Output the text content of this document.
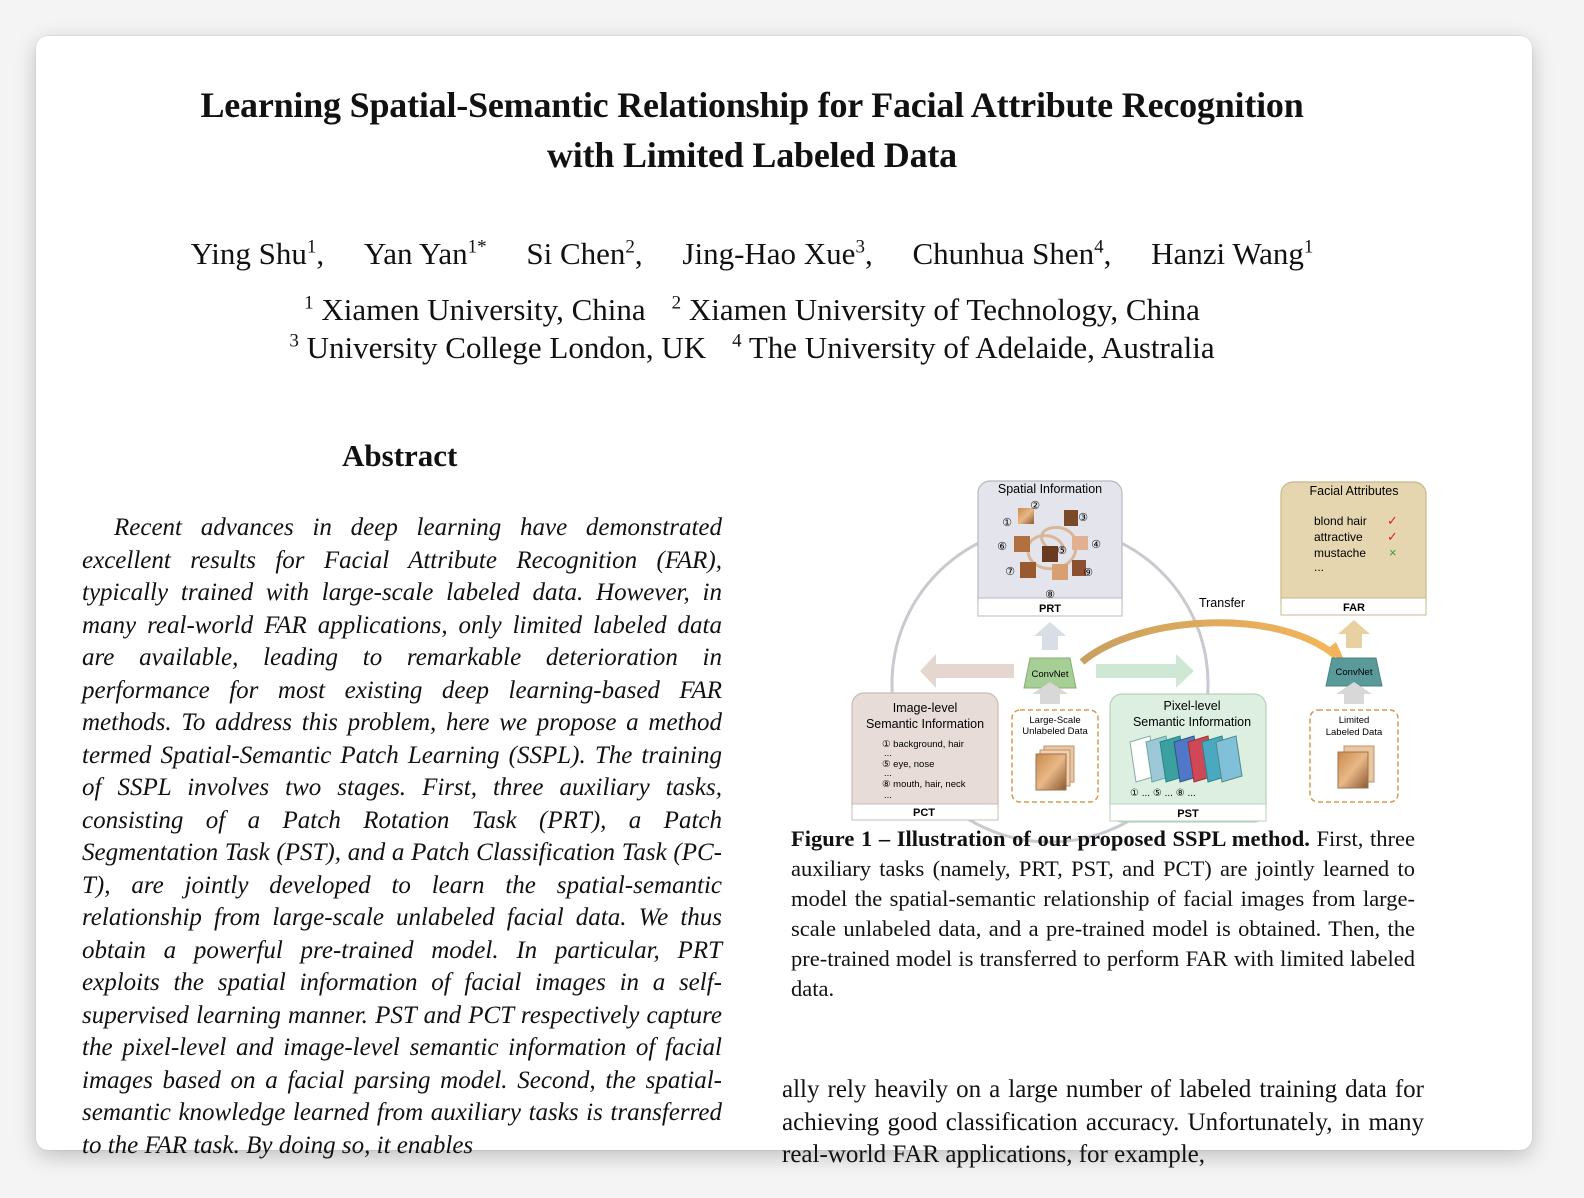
Learning Spatial-Semantic Relationship for Facial Attribute Recognition
with Limited Labeled Data
Ying Shu$^1$, Yan Yan$^{1*}$ Si Chen$^2$, Jing-Hao Xue$^3$, Chunhua Shen$^4$, Hanzi Wang$^1$
$^1$ Xiamen University, China $^2$ Xiamen University of Technology, China
$^3$ University College London, UK $^4$ The University of Adelaide, Australia
Abstract
Recent advances in deep learning have demonstrated excellent results for Facial Attribute Recognition (FAR), typically trained with large-scale labeled data. However, in many real-world FAR applications, only limited labeled data are available, leading to remarkable deterioration in performance for most existing deep learning-based FAR methods. To address this problem, here we propose a method termed Spatial-Semantic Patch Learning (SSPL). The training of SSPL involves two stages. First, three auxiliary tasks, consisting of a Patch Rotation Task (PRT), a Patch Segmentation Task (PST), and a Patch Classification Task (PC-T), are jointly developed to learn the spatial-semantic relationship from large-scale unlabeled facial data. We thus obtain a powerful pre-trained model. In particular, PRT exploits the spatial information of facial images in a self-supervised learning manner. PST and PCT respectively capture the pixel-level and image-level semantic information of facial images based on a facial parsing model. Second, the spatial-semantic knowledge learned from auxiliary tasks is transferred to the FAR task. By doing so, it enables
Spatial Information
PRT
②
①	③
④
⑥	⑤
⑦	⑨
⑧
Facial Attributes
blond hair ✓
attractive ✓
mustache ×
...
FAR
Transfer
ConvNet	ConvNet
Image-level
Semantic Information
① background, hair
...
⑤ eye, nose
...
⑧ mouth, hair, neck
...
PCT
Large-Scale
Unlabeled Data
Pixel-level
Semantic Information
① ... ⑤ ... ⑧ ...
PST
Limited
Labeled Data
Figure 1 – Illustration of our proposed SSPL method. First, three auxiliary tasks (namely, PRT, PST, and PCT) are jointly learned to model the spatial-semantic relationship of facial images from large-scale unlabeled data, and a pre-trained model is obtained. Then, the pre-trained model is transferred to perform FAR with limited labeled data.
ally rely heavily on a large number of labeled training data for achieving good classification accuracy. Unfortunately, in many real-world FAR applications, for example,
